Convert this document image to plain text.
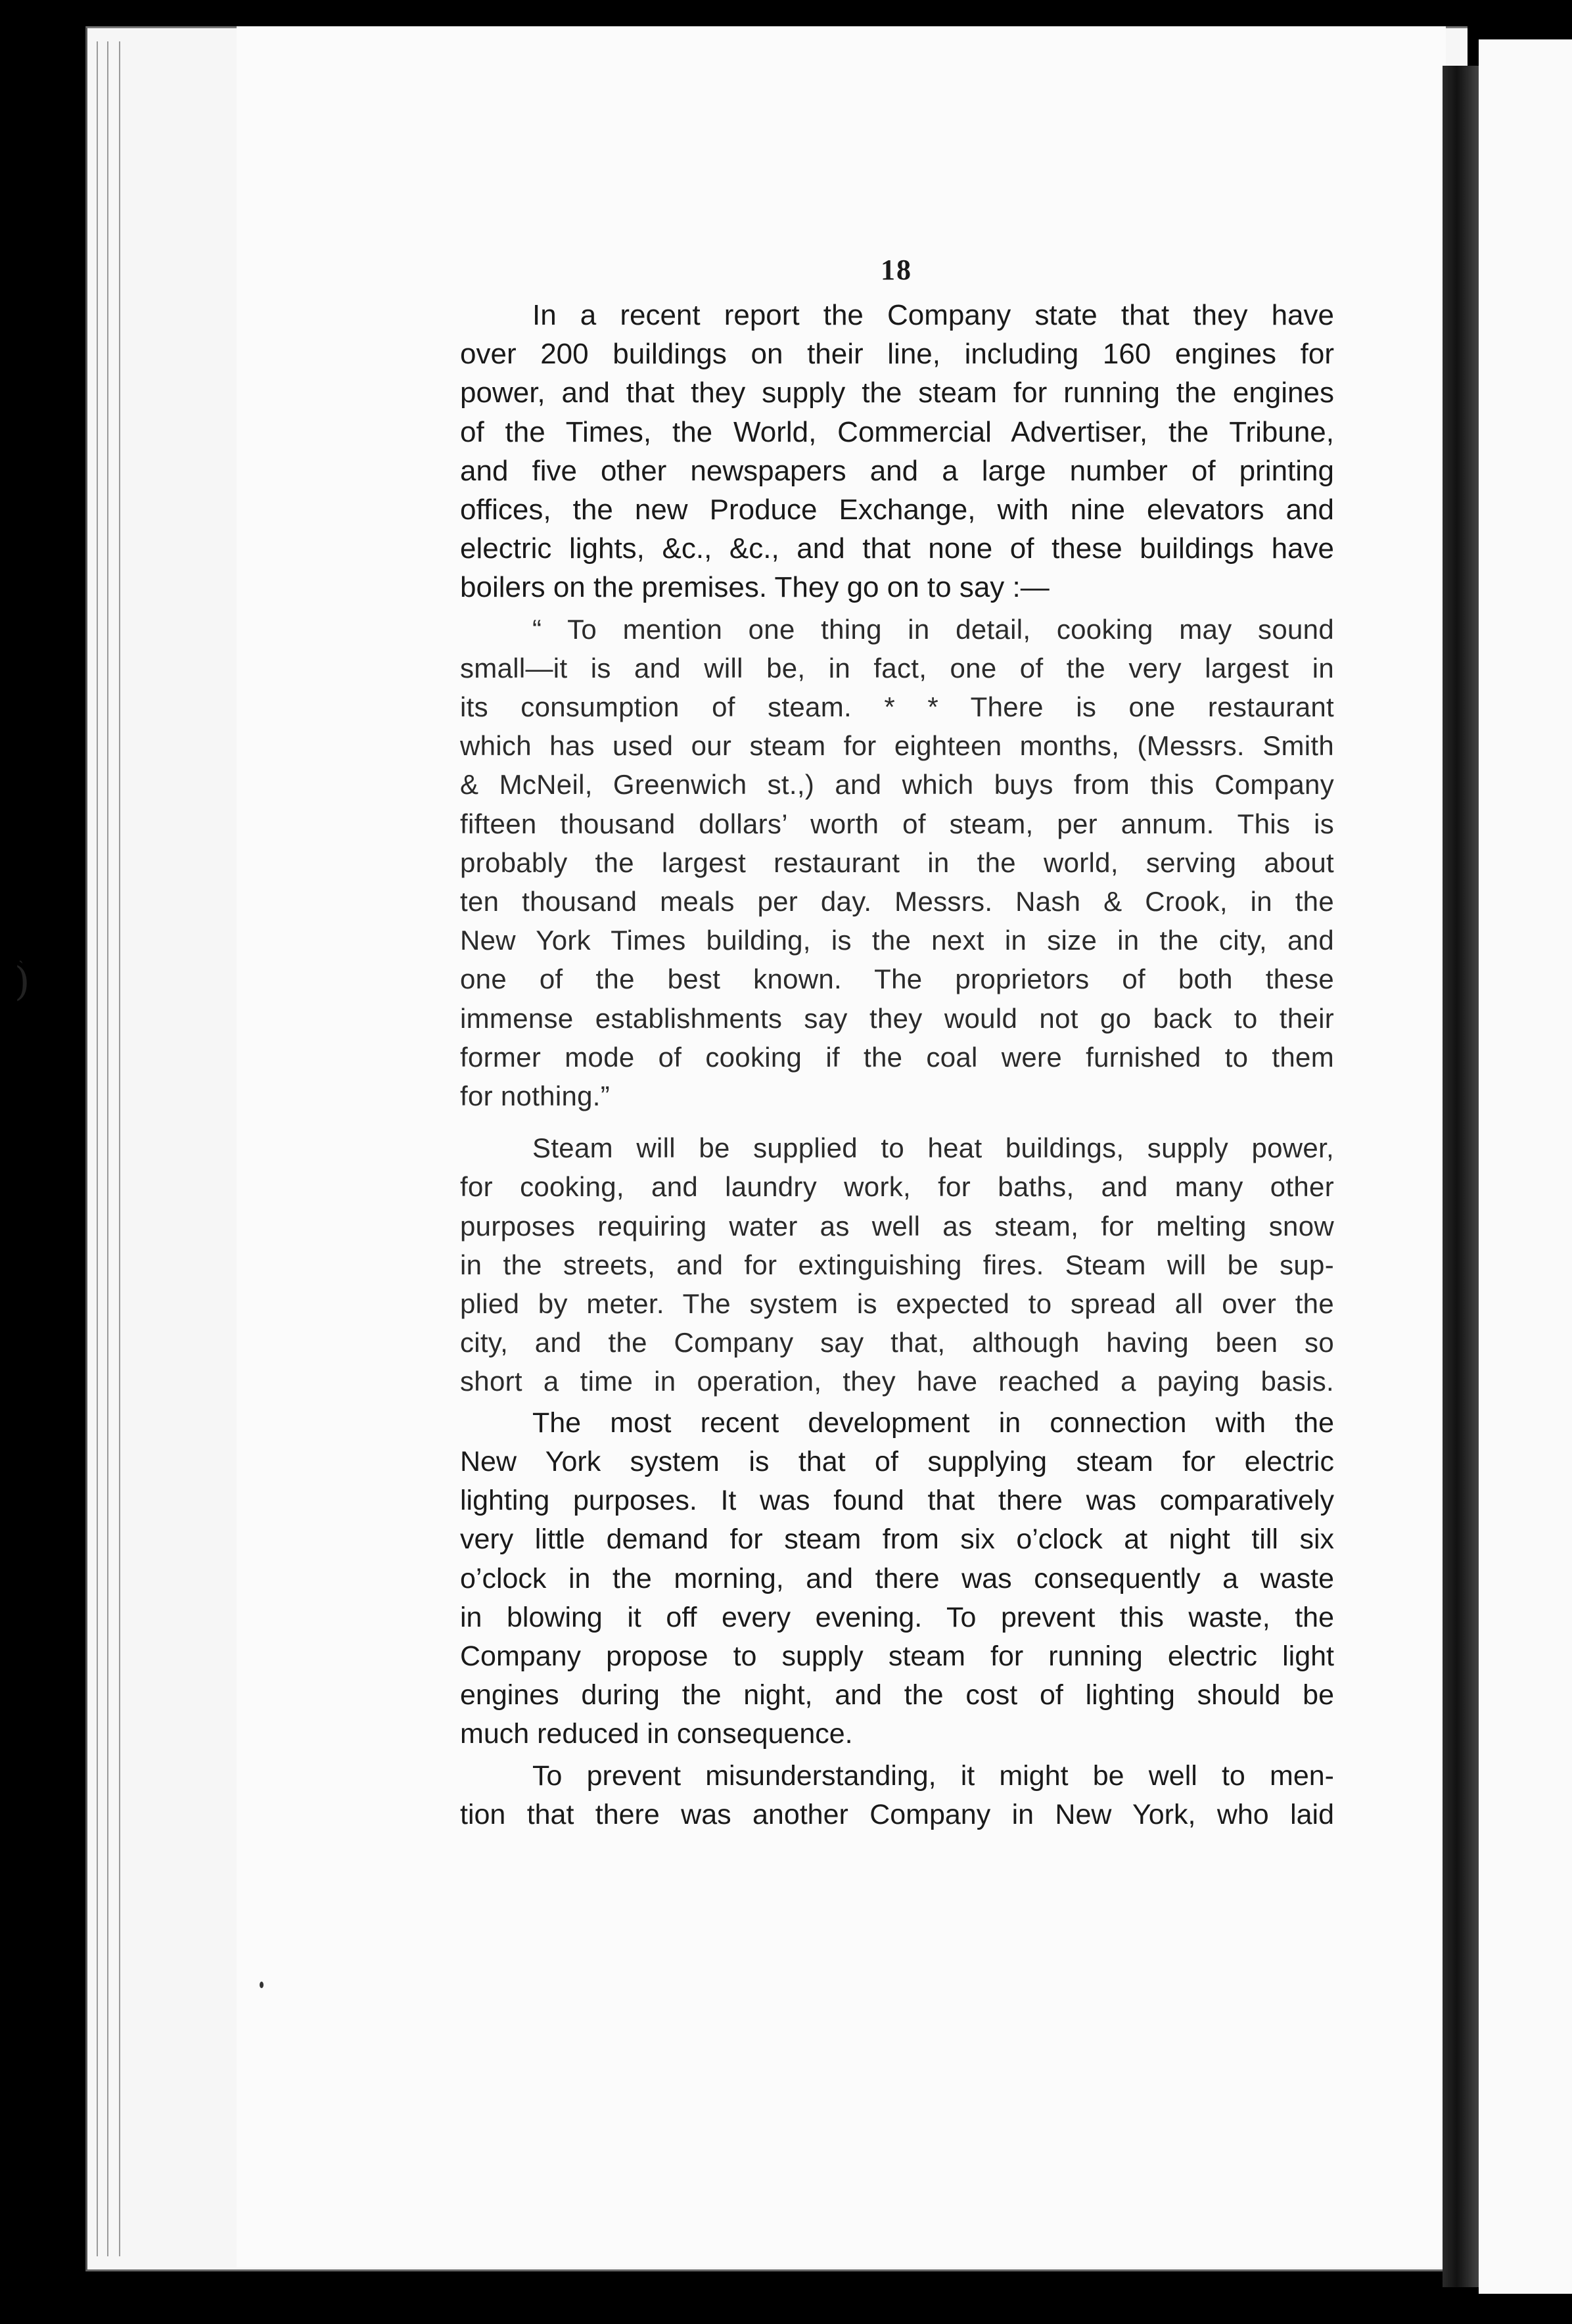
ˎ
)
18
In a recent report the Company state that they have
over 200 buildings on their line, including 160 engines for
power, and that they supply the steam for running the engines
of the Times, the World, Commercial Advertiser, the Tribune,
and five other newspapers and a large number of printing
offices, the new Produce Exchange, with nine elevators and
electric lights, &c., &c., and that none of these buildings have
boilers on the premises. They go on to say :—
“ To mention one thing in detail, cooking may sound
small—it is and will be, in fact, one of the very largest in
its consumption of steam. * * There is one restaurant
which has used our steam for eighteen months, (Messrs. Smith
& McNeil, Greenwich st.,) and which buys from this Company
fifteen thousand dollars’ worth of steam, per annum. This is
probably the largest restaurant in the world, serving about
ten thousand meals per day. Messrs. Nash & Crook, in the
New York Times building, is the next in size in the city, and
one of the best known. The proprietors of both these
immense establishments say they would not go back to their
former mode of cooking if the coal were furnished to them
for nothing.”
Steam will be supplied to heat buildings, supply power,
for cooking, and laundry work, for baths, and many other
purposes requiring water as well as steam, for melting snow
in the streets, and for extinguishing fires. Steam will be sup-
plied by meter. The system is expected to spread all over the
city, and the Company say that, although having been so
short a time in operation, they have reached a paying basis.
The most recent development in connection with the
New York system is that of supplying steam for electric
lighting purposes. It was found that there was comparatively
very little demand for steam from six o’clock at night till six
o’clock in the morning, and there was consequently a waste
in blowing it off every evening. To prevent this waste, the
Company propose to supply steam for running electric light
engines during the night, and the cost of lighting should be
much reduced in consequence.
To prevent misunderstanding, it might be well to men-
tion that there was another Company in New York, who laid
